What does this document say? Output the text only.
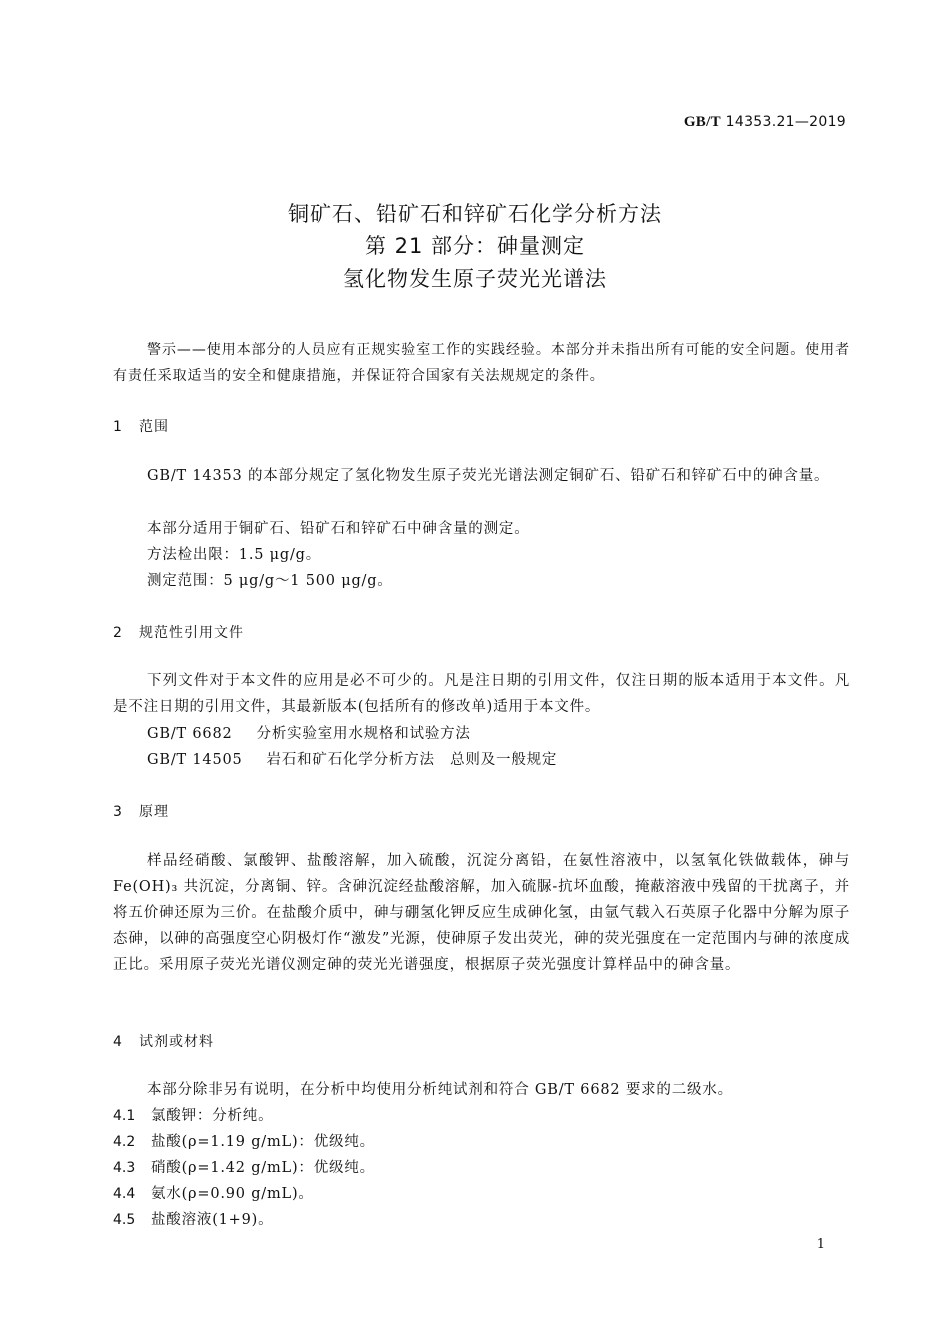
GB/T 14353.21—2019
铜矿石、铅矿石和锌矿石化学分析方法
第 21 部分：砷量测定
氢化物发生原子荧光光谱法
警示——使用本部分的人员应有正规实验室工作的实践经验。本部分并未指出所有可能的安全问题。使用者有责任采取适当的安全和健康措施，并保证符合国家有关法规规定的条件。
1 范围
GB/T 14353 的本部分规定了氢化物发生原子荧光光谱法测定铜矿石、铅矿石和锌矿石中的砷含量。
本部分适用于铜矿石、铅矿石和锌矿石中砷含量的测定。
方法检出限：1.5 μg/g。
测定范围：5 μg/g～1 500 μg/g。
2 规范性引用文件
下列文件对于本文件的应用是必不可少的。凡是注日期的引用文件，仅注日期的版本适用于本文件。凡是不注日期的引用文件，其最新版本(包括所有的修改单)适用于本文件。
GB/T 6682 分析实验室用水规格和试验方法
GB/T 14505 岩石和矿石化学分析方法　总则及一般规定
3 原理
样品经硝酸、氯酸钾、盐酸溶解，加入硫酸，沉淀分离铅，在氨性溶液中，以氢氧化铁做载体，砷与 Fe(OH)₃ 共沉淀，分离铜、锌。含砷沉淀经盐酸溶解，加入硫脲-抗坏血酸，掩蔽溶液中残留的干扰离子，并将五价砷还原为三价。在盐酸介质中，砷与硼氢化钾反应生成砷化氢，由氩气载入石英原子化器中分解为原子态砷，以砷的高强度空心阴极灯作“激发”光源，使砷原子发出荧光，砷的荧光强度在一定范围内与砷的浓度成正比。采用原子荧光光谱仪测定砷的荧光光谱强度，根据原子荧光强度计算样品中的砷含量。
4 试剂或材料
本部分除非另有说明，在分析中均使用分析纯试剂和符合 GB/T 6682 要求的二级水。
4.1 氯酸钾：分析纯。
4.2 盐酸(ρ=1.19 g/mL)：优级纯。
4.3 硝酸(ρ=1.42 g/mL)：优级纯。
4.4 氨水(ρ=0.90 g/mL)。
4.5 盐酸溶液(1+9)。
1
